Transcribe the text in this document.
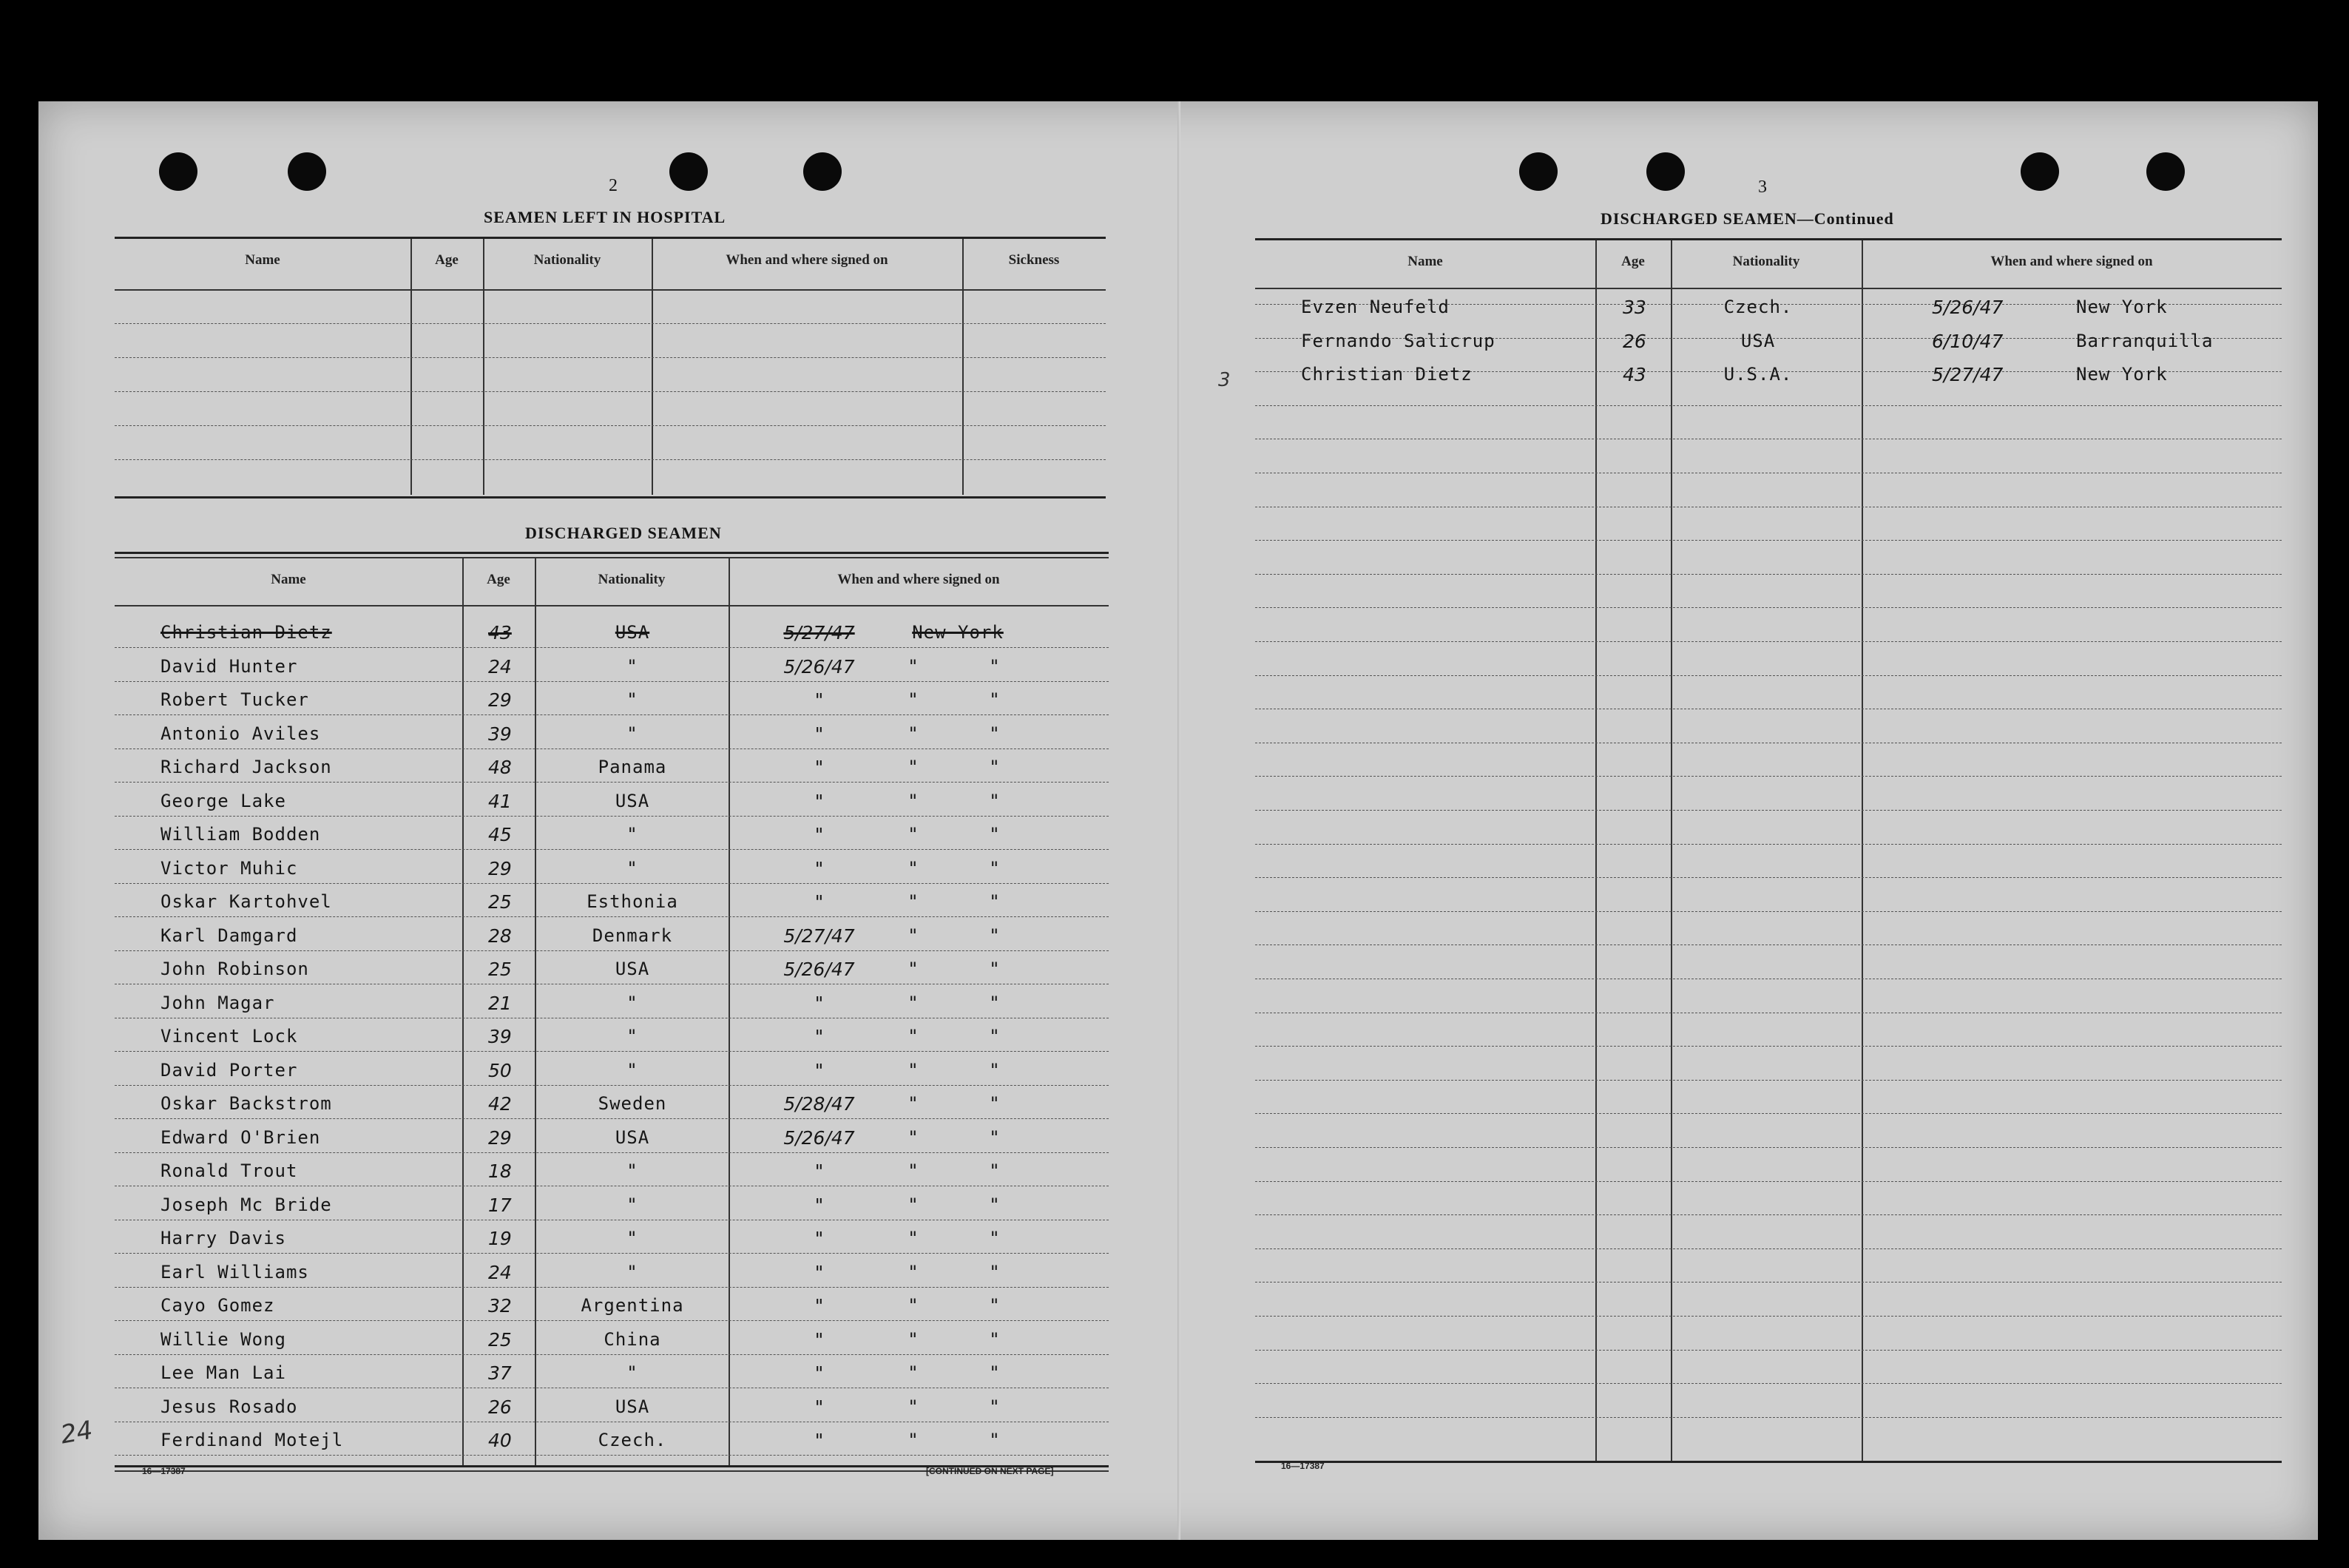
2
SEAMEN LEFT IN HOSPITAL
Name	Age	Nationality	When and where signed on	Sickness
DISCHARGED SEAMEN
Name	Age	Nationality	When and where signed on
Christian Dietz	43	USA	5/27/47	New York
David Hunter	24	"	5/26/47	"	"
Robert Tucker	29	"	"	"	"
Antonio Aviles	39	"	"	"	"
Richard Jackson	48	Panama	"	"	"
George Lake	41	USA	"	"	"
William Bodden	45	"	"	"	"
Victor Muhic	29	"	"	"	"
Oskar Kartohvel	25	Esthonia	"	"	"
Karl Damgard	28	Denmark	5/27/47	"	"
John Robinson	25	USA	5/26/47	"	"
John Magar	21	"	"	"	"
Vincent Lock	39	"	"	"	"
David Porter	50	"	"	"	"
Oskar Backstrom	42	Sweden	5/28/47	"	"
Edward O'Brien	29	USA	5/26/47	"	"
Ronald Trout	18	"	"	"	"
Joseph Mc Bride	17	"	"	"	"
Harry Davis	19	"	"	"	"
Earl Williams	24	"	"	"	"
Cayo Gomez	32	Argentina	"	"	"
Willie Wong	25	China	"	"	"
Lee Man Lai	37	"	"	"	"
Jesus Rosado	26	USA	"	"	"
Ferdinand Motejl	40	Czech.	"	"	"
16—17387	[CONTINUED ON NEXT PAGE]
24
3
DISCHARGED SEAMEN—Continued
Name	Age	Nationality	When and where signed on
Evzen Neufeld	33	Czech.	5/26/47	New York
Fernando Salicrup	26	USA	6/10/47	Barranquilla
Christian Dietz	43	U.S.A.	5/27/47	New York
3
16—17387
